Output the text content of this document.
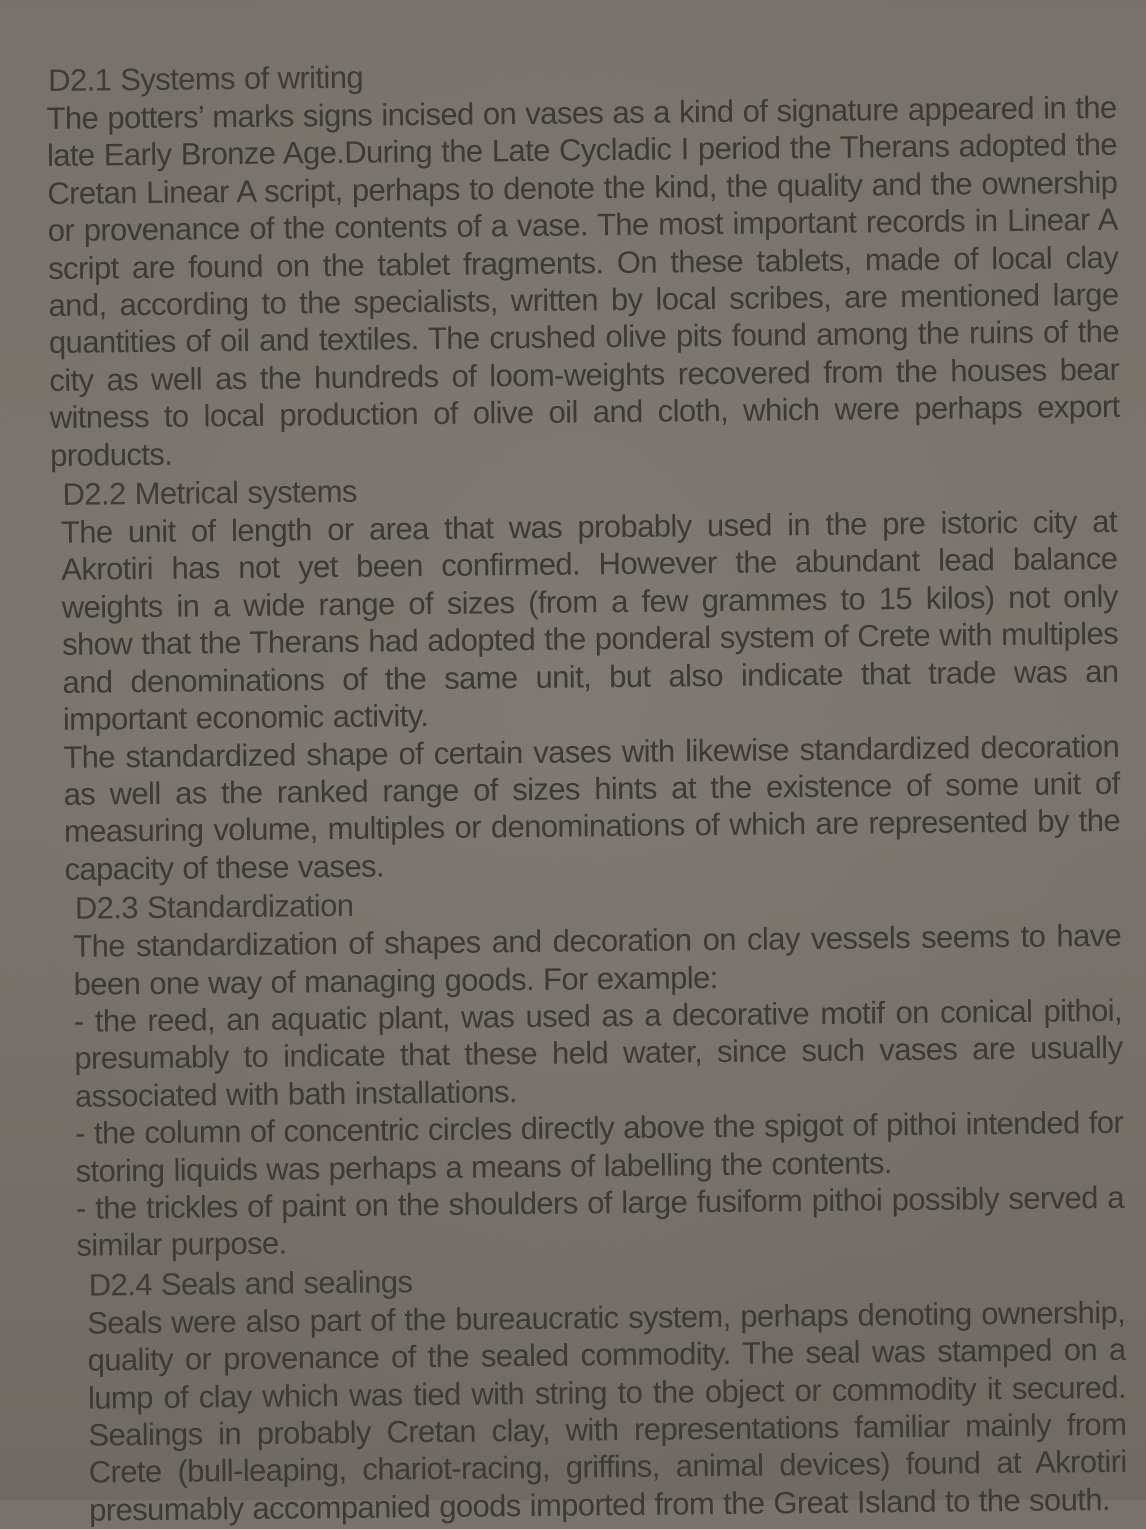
D2.1 Systems of writing

The potters’ marks signs incised on vases as a kind of signature appeared in the late Early Bronze Age.During the Late Cycladic I period the Therans adopted the Cretan Linear A script, perhaps to denote the kind, the quality and the ownership or provenance of the contents of a vase. The most important records in Linear A script are found on the tablet fragments. On these tablets, made of local clay and, according to the specialists, written by local scribes, are mentioned large quantities of oil and textiles. The crushed olive pits found among the ruins of the city as well as the hundreds of loom-weights recovered from the houses bear witness to local production of olive oil and cloth, which were perhaps export products.

D2.2 Metrical systems

The unit of length or area that was probably used in the pre istoric city at Akrotiri has not yet been confirmed. However the abundant lead balance weights in a wide range of sizes (from a few grammes to 15 kilos) not only show that the Therans had adopted the ponderal system of Crete with multiples and denominations of the same unit, but also indicate that trade was an important economic activity.

The standardized shape of certain vases with likewise standardized decoration as well as the ranked range of sizes hints at the existence of some unit of measuring volume, multiples or denominations of which are represented by the capacity of these vases.

D2.3 Standardization

The standardization of shapes and decoration on clay vessels seems to have been one way of managing goods. For example:

- the reed, an aquatic plant, was used as a decorative motif on conical pithoi, presumably to indicate that these held water, since such vases are usually associated with bath installations.

- the column of concentric circles directly above the spigot of pithoi intended for storing liquids was perhaps a means of labelling the contents.

- the trickles of paint on the shoulders of large fusiform pithoi possibly served a similar purpose.

D2.4 Seals and sealings

Seals were also part of the bureaucratic system, perhaps denoting ownership, quality or provenance of the sealed commodity. The seal was stamped on a lump of clay which was tied with string to the object or commodity it secured. Sealings in probably Cretan clay, with representations familiar mainly from Crete (bull-leaping, chariot-racing, griffins, animal devices) found at Akrotiri presumably accompanied goods imported from the Great Island to the south.
